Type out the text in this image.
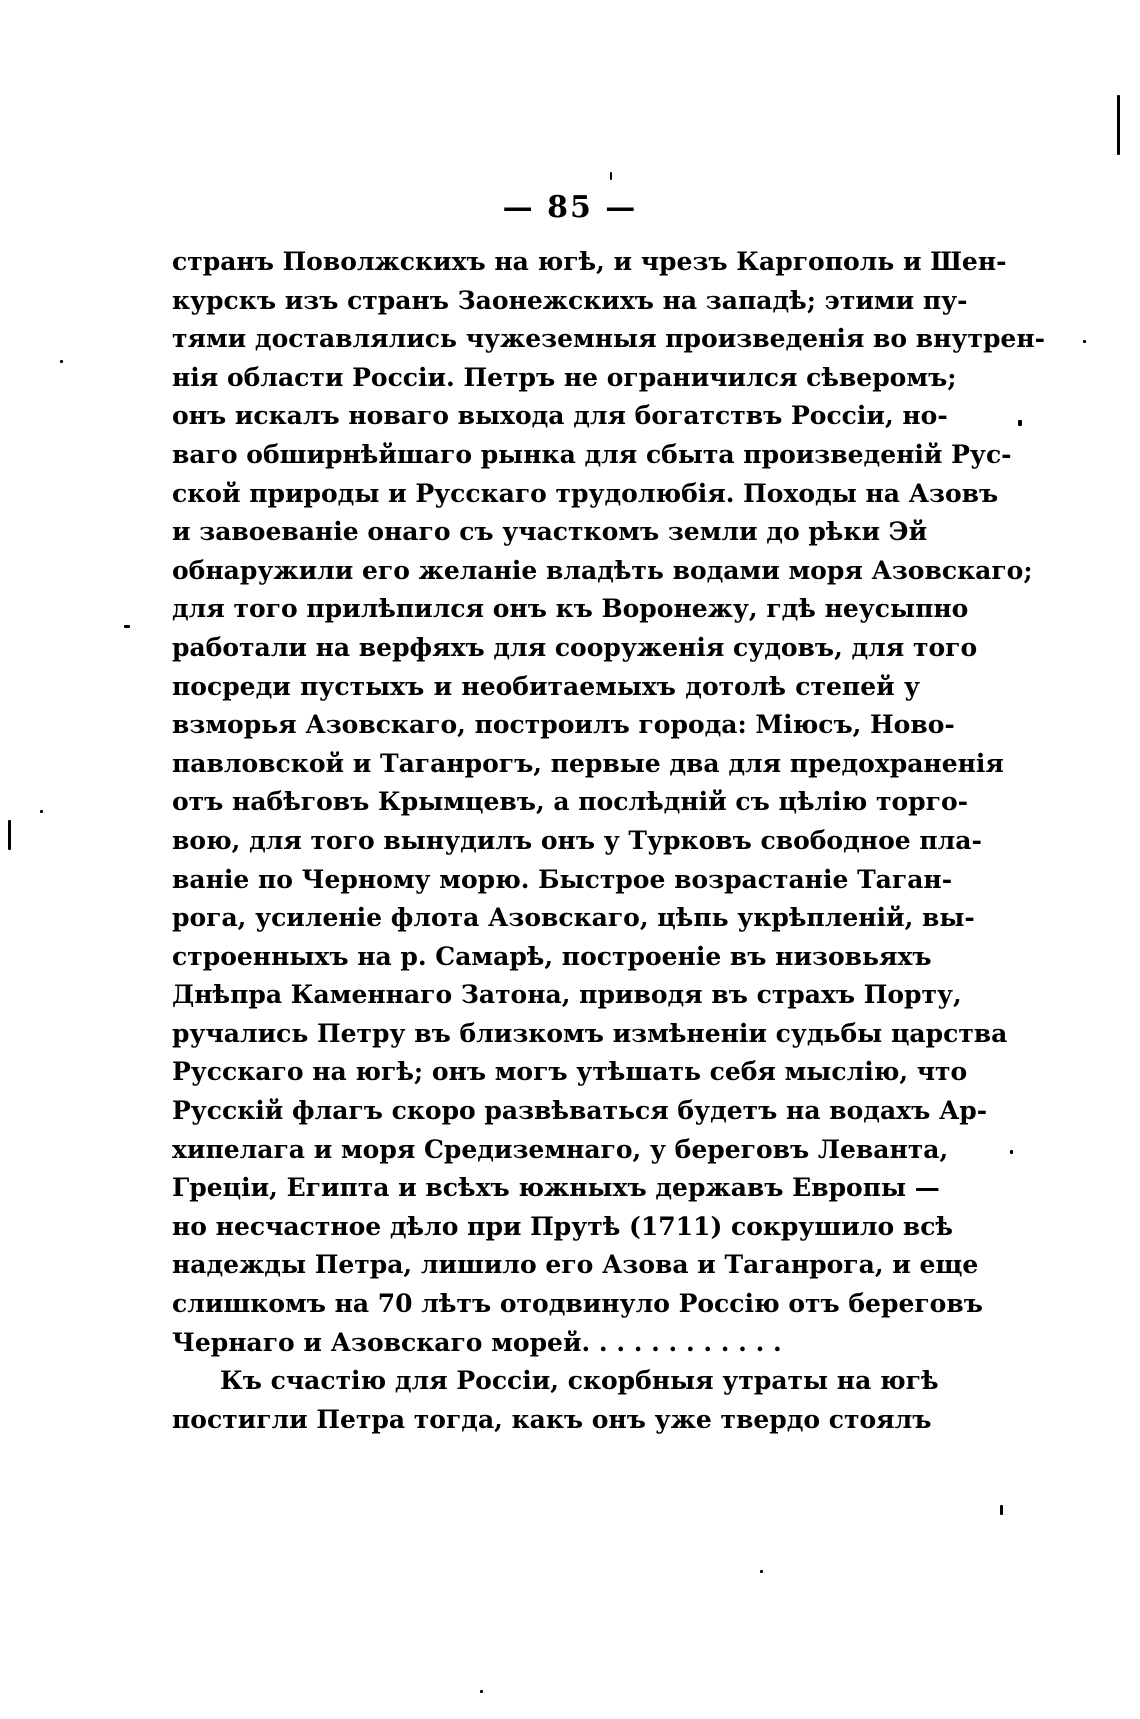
— 85 —
странъ Поволжскихъ на югѣ, и чрезъ Каргополь и Шен-
курскъ изъ странъ Заонежскихъ на западѣ; этими пу-
тями доставлялись чужеземныя произведенія во внутрен-
нія области Россіи. Петръ не ограничился сѣверомъ;
онъ искалъ новаго выхода для богатствъ Россіи, но-
ваго обширнѣйшаго рынка для сбыта произведеній Рус-
ской природы и Русскаго трудолюбія. Походы на Азовъ
и завоеваніе онаго съ участкомъ земли до рѣки Эй
обнаружили его желаніе владѣть водами моря Азовскаго;
для того прилѣпился онъ къ Воронежу, гдѣ неусыпно
работали на верфяхъ для сооруженія судовъ, для того
посреди пустыхъ и необитаемыхъ дотолѣ степей у
взморья Азовскаго, построилъ города: Міюсъ, Ново-
павловской и Таганрогъ, первые два для предохраненія
отъ набѣговъ Крымцевъ, а послѣдній съ цѣлію торго-
вою, для того вынудилъ онъ у Турковъ свободное пла-
ваніе по Черному морю. Быстрое возрастаніе Таган-
рога, усиленіе флота Азовскаго, цѣпь укрѣпленій, вы-
строенныхъ на р. Самарѣ, построеніе въ низовьяхъ
Днѣпра Каменнаго Затона, приводя въ страхъ Порту,
ручались Петру въ близкомъ измѣненіи судьбы царства
Русскаго на югѣ; онъ могъ утѣшать себя мыслію, что
Русскій флагъ скоро развѣваться будетъ на водахъ Ар-
хипелага и моря Средиземнаго, у береговъ Леванта,
Греціи, Египта и всѣхъ южныхъ державъ Европы —
но несчастное дѣло при Прутѣ (1711) сокрушило всѣ
надежды Петра, лишило его Азова и Таганрога, и еще
слишкомъ на 70 лѣтъ отодвинуло Россію отъ береговъ
Чернаго и Азовскаго морей. . . . . . . . . . . .
Къ счастію для Россіи, скорбныя утраты на югѣ
постигли Петра тогда, какъ онъ уже твердо стоялъ
